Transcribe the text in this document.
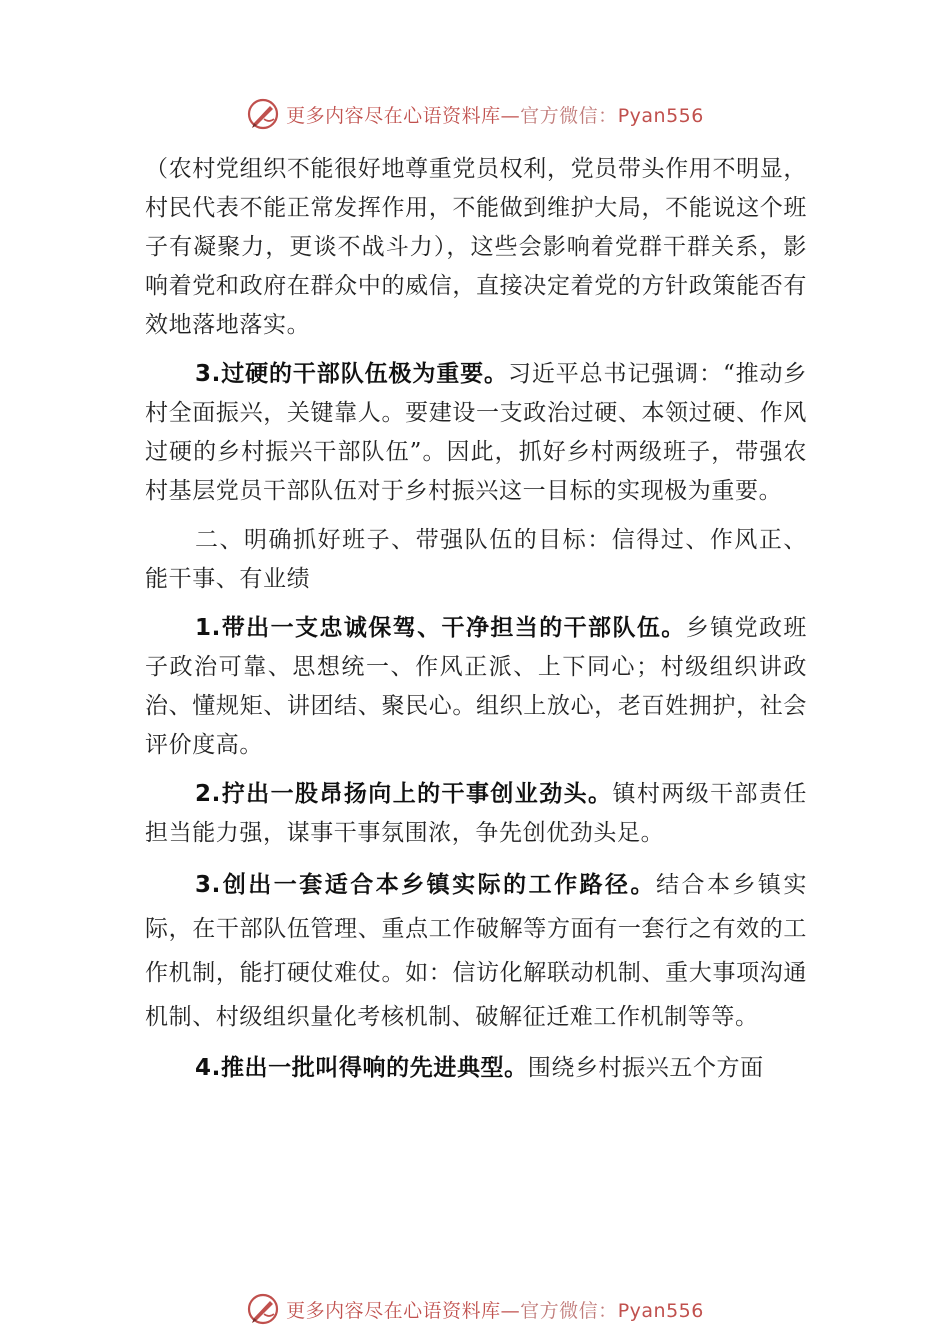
更多内容尽在心语资料库—官方微信：Pyan556

（农村党组织不能很好地尊重党员权利，党员带头作用不明显，村民代表不能正常发挥作用，不能做到维护大局，不能说这个班子有凝聚力，更谈不战斗力），这些会影响着党群干群关系，影响着党和政府在群众中的威信，直接决定着党的方针政策能否有效地落地落实。

3.过硬的干部队伍极为重要。习近平总书记强调：“推动乡村全面振兴，关键靠人。要建设一支政治过硬、本领过硬、作风过硬的乡村振兴干部队伍”。因此，抓好乡村两级班子，带强农村基层党员干部队伍对于乡村振兴这一目标的实现极为重要。

二、明确抓好班子、带强队伍的目标：信得过、作风正、能干事、有业绩

1.带出一支忠诚保驾、干净担当的干部队伍。乡镇党政班子政治可靠、思想统一、作风正派、上下同心；村级组织讲政治、懂规矩、讲团结、聚民心。组织上放心，老百姓拥护，社会评价度高。

2.拧出一股昂扬向上的干事创业劲头。镇村两级干部责任担当能力强，谋事干事氛围浓，争先创优劲头足。

3.创出一套适合本乡镇实际的工作路径。结合本乡镇实际，在干部队伍管理、重点工作破解等方面有一套行之有效的工作机制，能打硬仗难仗。如：信访化解联动机制、重大事项沟通机制、村级组织量化考核机制、破解征迁难工作机制等等。

4.推出一批叫得响的先进典型。围绕乡村振兴五个方面

更多内容尽在心语资料库—官方微信：Pyan556
